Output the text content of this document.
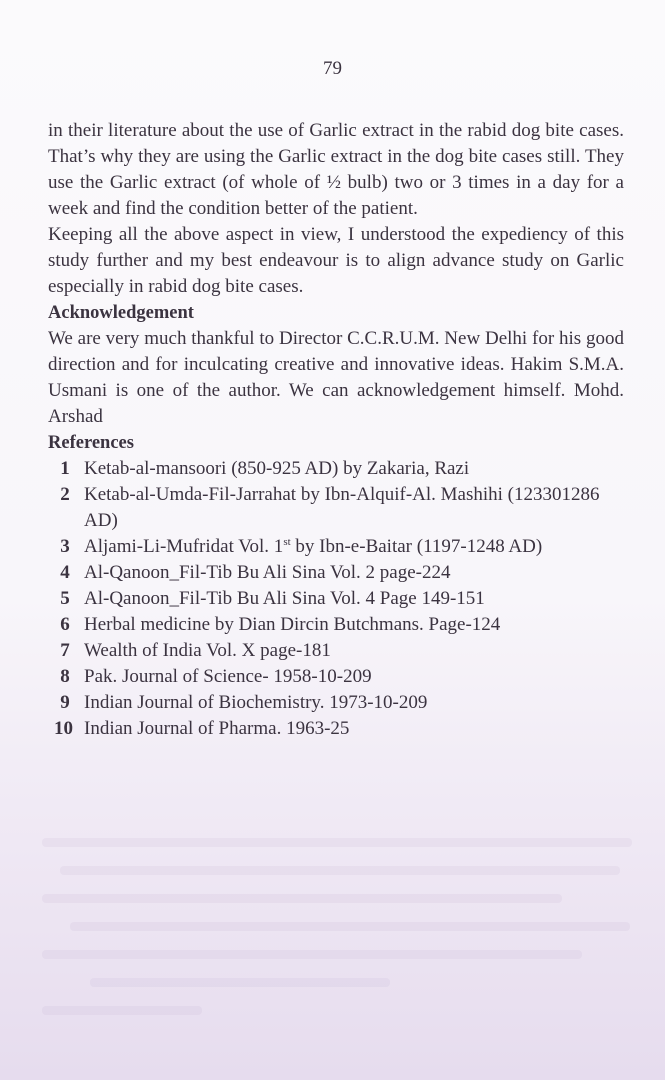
79

in their literature about the use of Garlic extract in the rabid dog bite cases. That’s why they are using the Garlic extract in the dog bite cases still. They use the Garlic extract (of whole of ½ bulb) two or 3 times in a day for a week and find the condition better of the patient.

Keeping all the above aspect in view, I understood the expediency of this study further and my best endeavour is to align advance study on Garlic especially in rabid dog bite cases.

Acknowledgement

We are very much thankful to Director C.C.R.U.M. New Delhi for his good direction and for inculcating creative and innovative ideas. Hakim S.M.A. Usmani is one of the author. We can acknowledgement himself. Mohd. Arshad

References

1 Ketab-al-mansoori (850-925 AD) by Zakaria, Razi
2 Ketab-al-Umda-Fil-Jarrahat by Ibn-Alquif-Al. Mashihi (123301286 AD)
3 Aljami-Li-Mufridat Vol. 1st by Ibn-e-Baitar (1197-1248 AD)
4 Al-Qanoon_Fil-Tib Bu Ali Sina Vol. 2 page-224
5 Al-Qanoon_Fil-Tib Bu Ali Sina Vol. 4 Page 149-151
6 Herbal medicine by Dian Dircin Butchmans. Page-124
7 Wealth of India Vol. X page-181
8 Pak. Journal of Science- 1958-10-209
9 Indian Journal of Biochemistry. 1973-10-209
10 Indian Journal of Pharma. 1963-25
